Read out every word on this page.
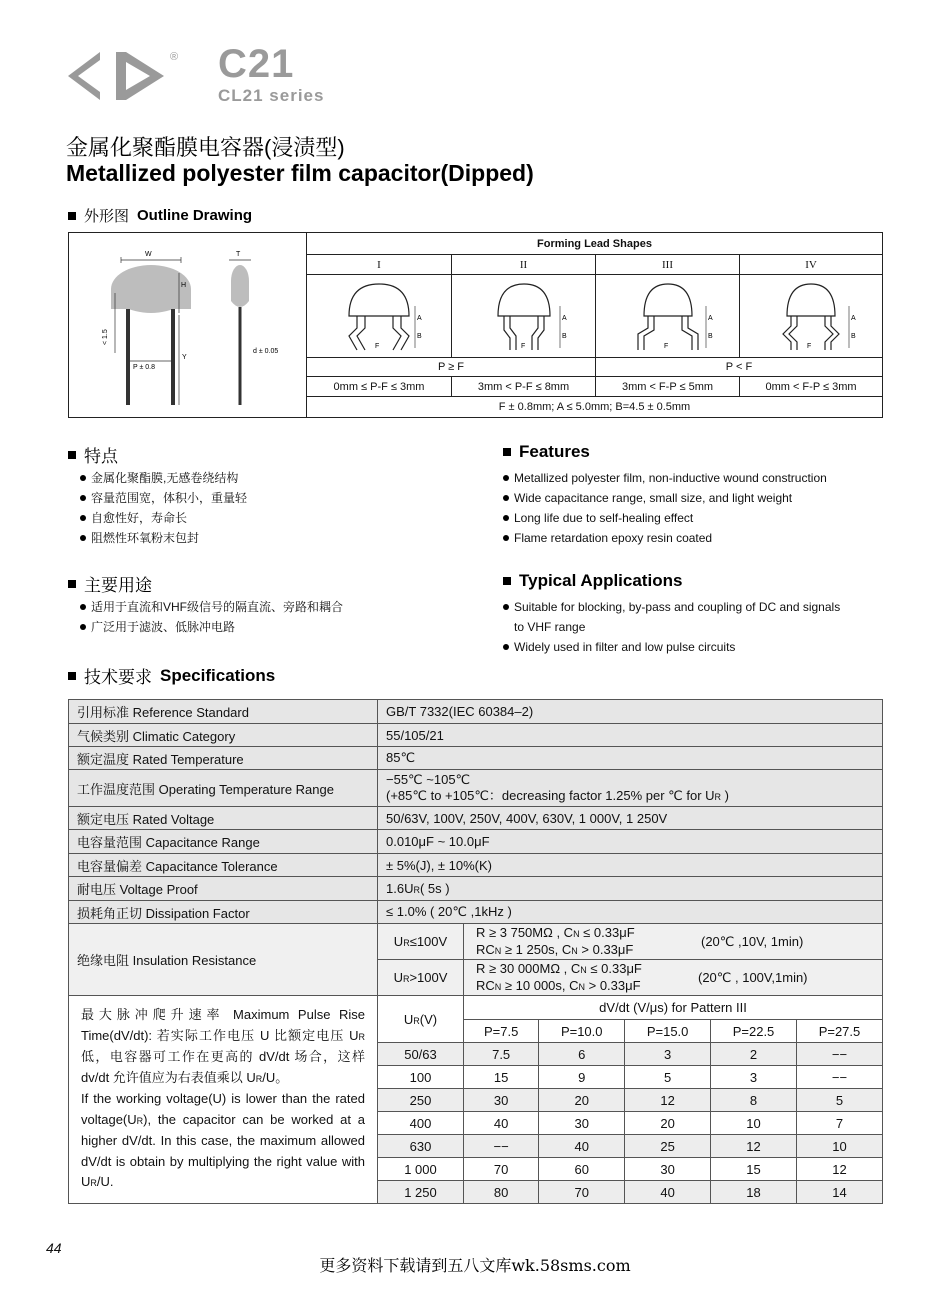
® C21
CL21 series
金属化聚酯膜电容器(浸渍型)
Metallized polyester film capacitor(Dipped)
外形图 Outline Drawing
W
H
Y
< 1.5
P ± 0.8
T
d ± 0.05
Forming Lead Shapes
I	II	III	IV
A
B
F
A
B
F
A
B
F
A
B
F
P ≥ F	P < F
0mm ≤ P-F ≤ 3mm	3mm < P-F ≤ 8mm	3mm < F-P ≤ 5mm	0mm < F-P ≤ 3mm
F ± 0.8mm; A ≤ 5.0mm; B=4.5 ± 0.5mm
特点	Features
金属化聚酯膜,无感卷绕结构
容量范围宽，体积小，重量轻
自愈性好，寿命长
阻燃性环氧粉末包封
Metallized polyester film, non-inductive wound construction
Wide capacitance range, small size, and light weight
Long life due to self-healing effect
Flame retardation epoxy resin coated
主要用途	Typical Applications
适用于直流和VHF级信号的隔直流、旁路和耦合
广泛用于滤波、低脉冲电路
Suitable for blocking, by-pass and coupling of DC and signals
to VHF range
Widely used in filter and low pulse circuits
技术要求 Specifications
引用标准 Reference Standard	GB/T 7332(IEC 60384–2)					
气候类别 Climatic Category	55/105/21					
额定温度 Rated Temperature	85℃					
工作温度范围 Operating Temperature Range	−55℃ ~105℃
(+85℃ to +105℃：decreasing factor 1.25% per ℃ for UR )					

额定电压 Rated Voltage	50/63V, 100V, 250V, 400V, 630V, 1 000V, 1 250V					
电容量范围 Capacitance Range	0.010μF ~ 10.0μF					
电容量偏差 Capacitance Tolerance	± 5%(J), ± 10%(K)					
耐电压 Voltage Proof	1.6UR( 5s )					
损耗角正切 Dissipation Factor	≤ 1.0% ( 20℃ ,1kHz )					
绝缘电阻 Insulation Resistance	UR≤100V	R ≥ 3 750MΩ , CN ≤ 0.33μF
RCN ≥ 1 250s, CN > 0.33μF
(20℃ ,10V, 1min)				

	UR>100V	R ≥ 30 000MΩ , CN ≤ 0.33μF
RCN ≥ 10 000s, CN > 0.33μF
(20℃ , 100V,1min)				

最大脉冲爬升速率 Maximum Pulse Rise Time(dV/dt): 若实际工作电压 U 比额定电压 UR 低，电容器可工作在更高的 dV/dt 场合，这样 dv/dt 允许值应为右表值乘以 UR/U。
If the working voltage(U) is lower than the rated voltage(UR), the capacitor can be worked at a higher dV/dt. In this case, the maximum allowed dV/dt is obtain by multiplying the right value with UR/U.	UR(V)	dV/dt (V/μs) for Pattern III				
		P=7.5	P=10.0	P=15.0	P=22.5	P=27.5
	50/63	7.5	6	3	2	−−
	100	15	9	5	3	−−
	250	30	20	12	8	5
	400	40	30	20	10	7
	630	−−	40	25	12	10
	1 000	70	60	30	15	12
	1 250	80	70	40	18	14
44
更多资料下载请到五八文库wk.58sms.com
